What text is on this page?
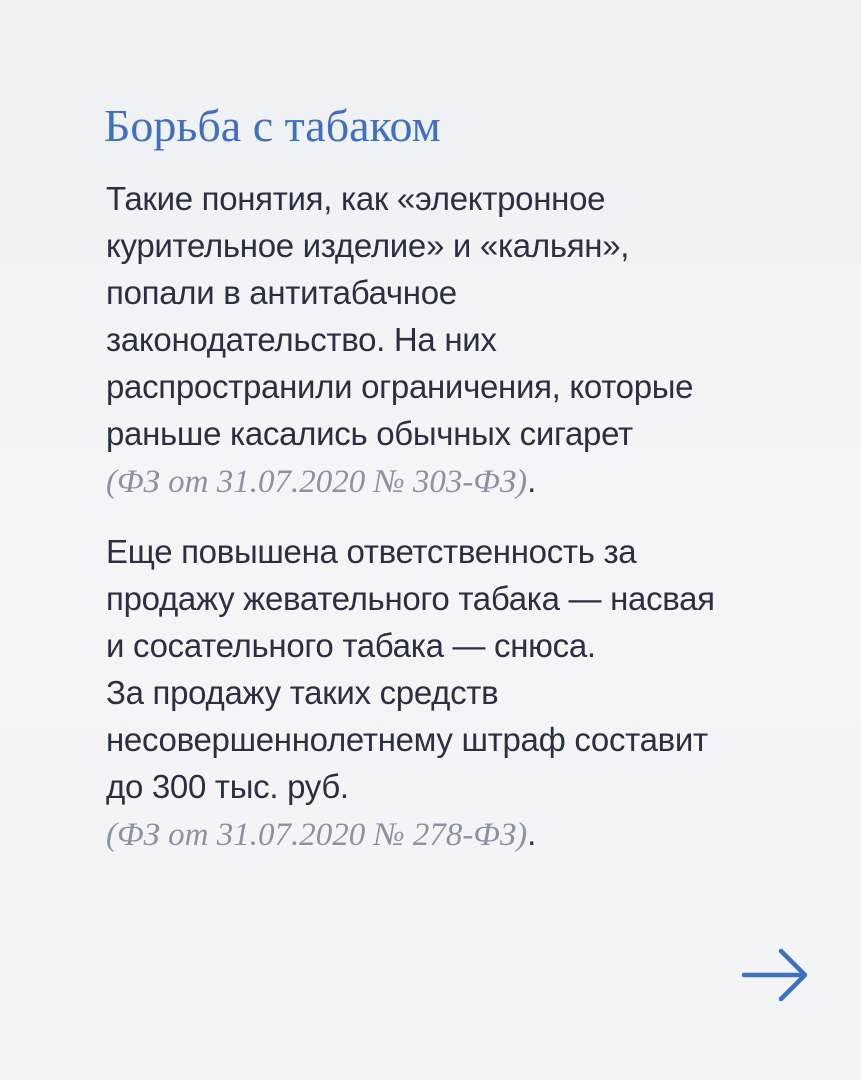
Борьба с табаком

Такие понятия, как «электронное
курительное изделие» и «кальян»,
попали в антитабачное
законодательство. На них
распространили ограничения, которые
раньше касались обычных сигарет
(ФЗ от 31.07.2020 № 303-ФЗ).

Еще повышена ответственность за
продажу жевательного табака — насвая
и сосательного табака — снюса.
За продажу таких средств
несовершеннолетнему штраф составит
до 300 тыс. руб.
(ФЗ от 31.07.2020 № 278-ФЗ).
